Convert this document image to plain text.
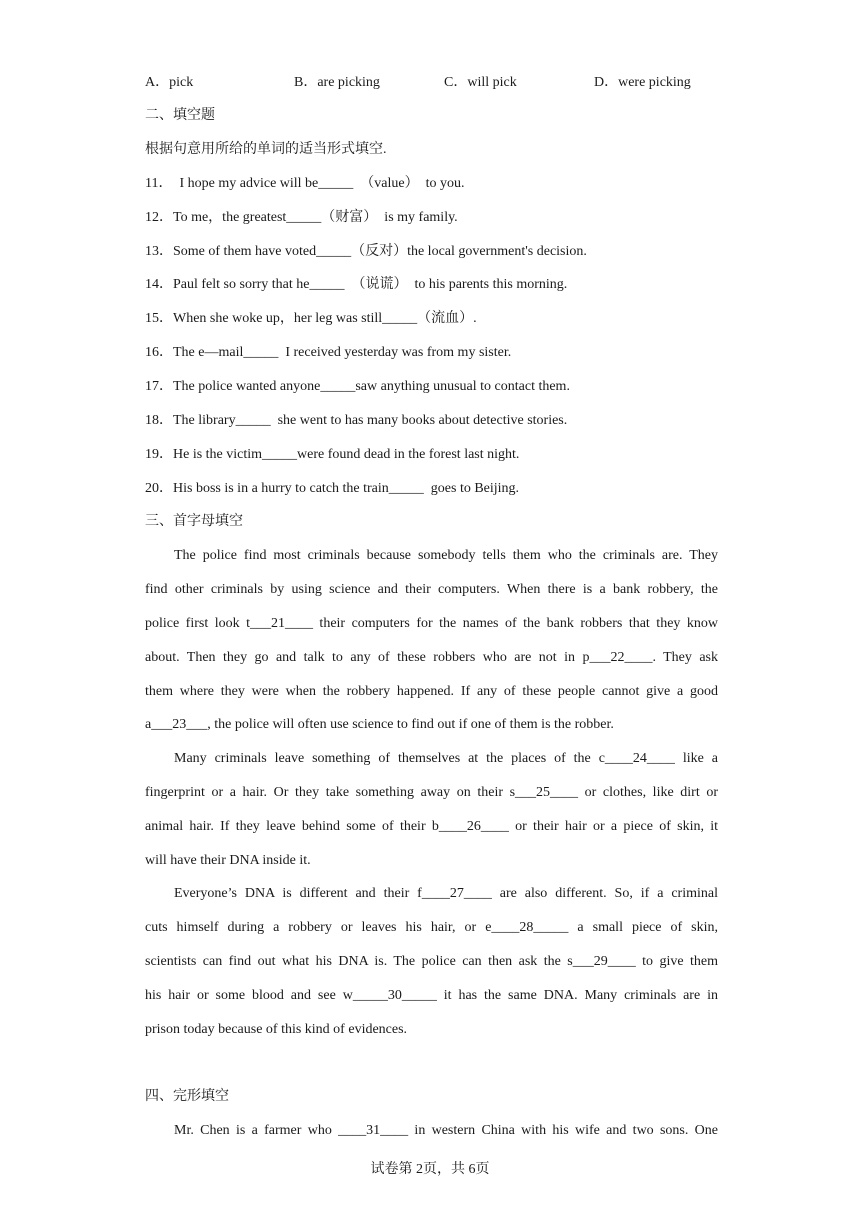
A．pick	B．are picking	C．will pick	D．were picking
二、填空题
根据句意用所给的单词的适当形式填空.
11．  I hope my advice will be_____  （value）  to you.
12．To me，the greatest_____（财富）  is my family.
13．Some of them have voted_____（反对）the local government's decision.
14．Paul felt so sorry that he_____  （说谎）  to his parents this morning.
15．When she woke up，her leg was still_____（流血）.
16．The e—mail_____  I received yesterday was from my sister.
17．The police wanted anyone_____saw anything unusual to contact them.
18．The library_____  she went to has many books about detective stories.
19．He is the victim_____were found dead in the forest last night.
20．His boss is in a hurry to catch the train_____  goes to Beijing.
三、首字母填空
The police find most criminals because somebody tells them who the criminals are. They
find other criminals by using science and their computers. When there is a bank robbery, the
police first look t___21____ their computers for the names of the bank robbers that they know
about. Then they go and talk to any of these robbers who are not in p___22____. They ask
them where they were when the robbery happened. If any of these people cannot give a good
a___23___, the police will often use science to find out if one of them is the robber.
Many criminals leave something of themselves at the places of the c____24____ like a
fingerprint or a hair. Or they take something away on their s___25____ or clothes, like dirt or
animal hair. If they leave behind some of their b____26____ or their hair or a piece of skin, it
will have their DNA inside it.
Everyone’s DNA is different and their f____27____ are also different. So, if a criminal
cuts himself during a robbery or leaves his hair, or e____28_____ a small piece of skin,
scientists can find out what his DNA is. The police can then ask the s___29____ to give them
his hair or some blood and see w_____30_____ it has the same DNA. Many criminals are in
prison today because of this kind of evidences.
四、完形填空
Mr. Chen is a farmer who ____31____ in western China with his wife and two sons. One
试卷第 2页，共 6页
